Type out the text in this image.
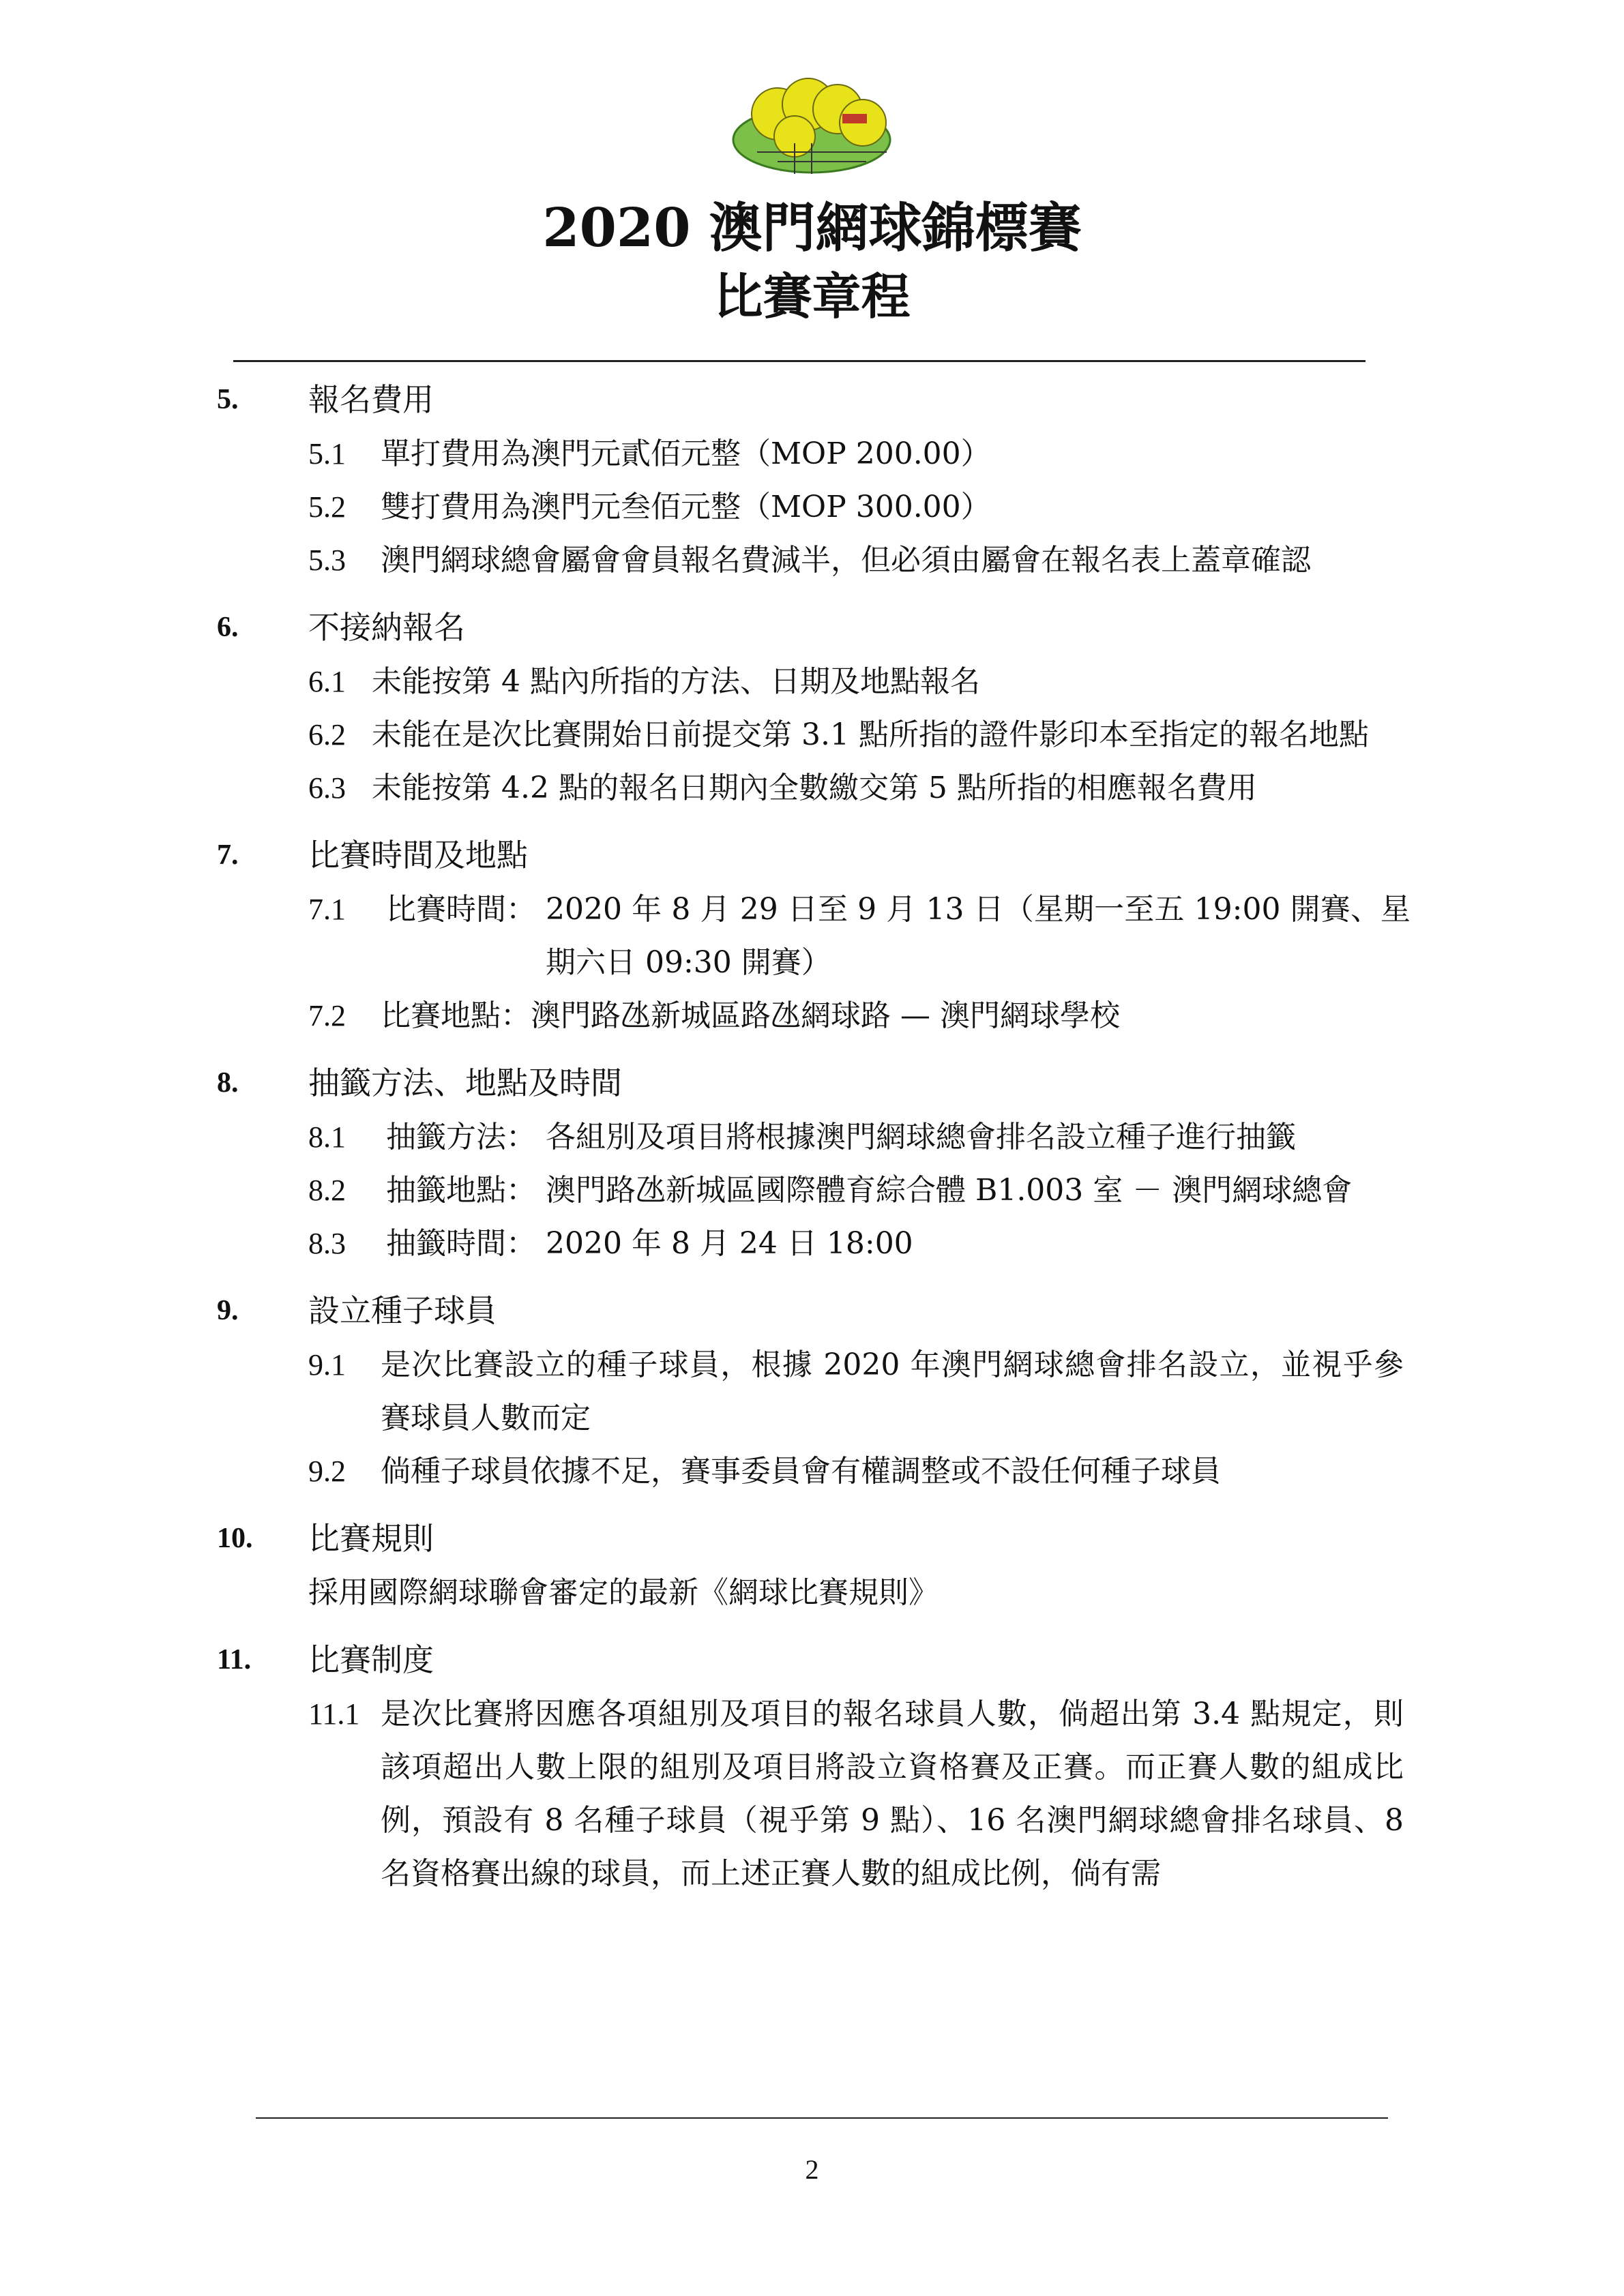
2020 澳門網球錦標賽
比賽章程
5. 報名費用
5.1 單打費用為澳門元貳佰元整（MOP 200.00）
5.2 雙打費用為澳門元叁佰元整（MOP 300.00）
5.3 澳門網球總會屬會會員報名費減半，但必須由屬會在報名表上蓋章確認
6. 不接納報名
6.1 未能按第 4 點內所指的方法、日期及地點報名
6.2 未能在是次比賽開始日前提交第 3.1 點所指的證件影印本至指定的報名地點
6.3 未能按第 4.2 點的報名日期內全數繳交第 5 點所指的相應報名費用
7. 比賽時間及地點
7.1 比賽時間： 2020 年 8 月 29 日至 9 月 13 日（星期一至五 19:00 開賽、星期六日 09:30 開賽）
7.2 比賽地點：澳門路氹新城區路氹網球路 — 澳門網球學校
8. 抽籤方法、地點及時間
8.1 抽籤方法： 各組別及項目將根據澳門網球總會排名設立種子進行抽籤
8.2 抽籤地點： 澳門路氹新城區國際體育綜合體 B1.003 室 － 澳門網球總會
8.3 抽籤時間： 2020 年 8 月 24 日 18:00
9. 設立種子球員
9.1 是次比賽設立的種子球員，根據 2020 年澳門網球總會排名設立，並視乎參賽球員人數而定
9.2 倘種子球員依據不足，賽事委員會有權調整或不設任何種子球員
10. 比賽規則
採用國際網球聯會審定的最新《網球比賽規則》
11. 比賽制度
11.1 是次比賽將因應各項組別及項目的報名球員人數，倘超出第 3.4 點規定，則該項超出人數上限的組別及項目將設立資格賽及正賽。而正賽人數的組成比例，預設有 8 名種子球員（視乎第 9 點）、16 名澳門網球總會排名球員、8 名資格賽出線的球員，而上述正賽人數的組成比例，倘有需
2
